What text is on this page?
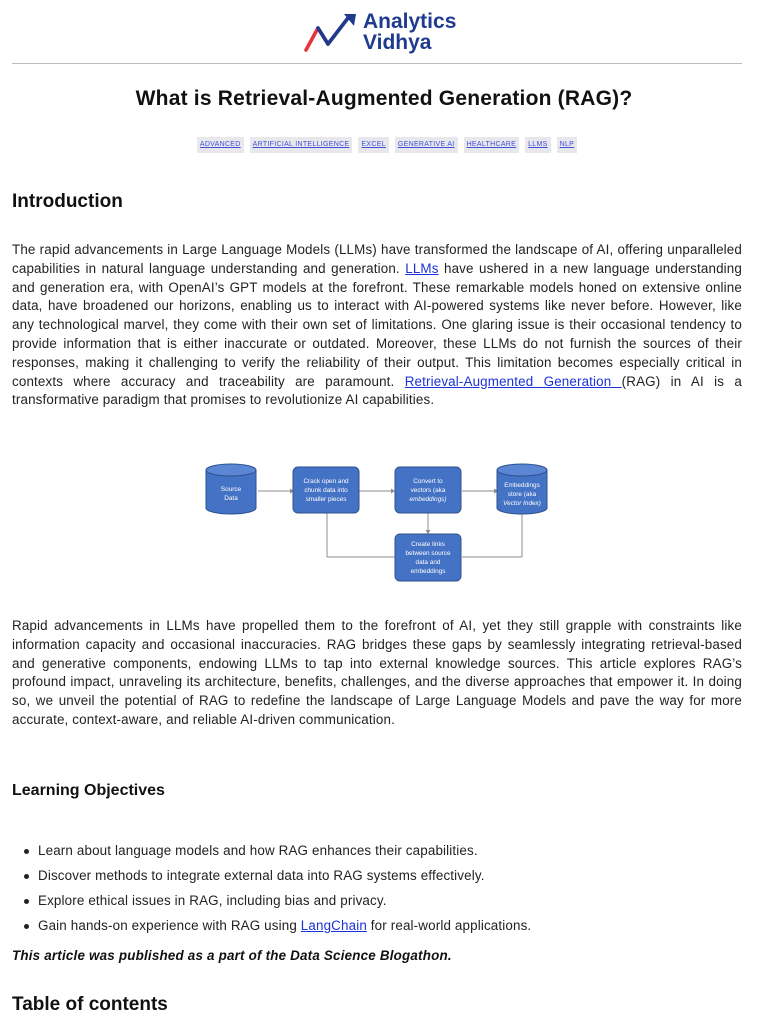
Analytics
Vidhya
What is Retrieval-Augmented Generation (RAG)?
ADVANCED	ARTIFICIAL INTELLIGENCE	EXCEL	GENERATIVE AI	HEALTHCARE	LLMS	NLP
Introduction

The rapid advancements in Large Language Models (LLMs) have transformed the landscape of AI, offering unparalleled capabilities in natural language understanding and generation. LLMs have ushered in a new language understanding and generation era, with OpenAI’s GPT models at the forefront. These remarkable models honed on extensive online data, have broadened our horizons, enabling us to interact with AI-powered systems like never before. However, like any technological marvel, they come with their own set of limitations. One glaring issue is their occasional tendency to provide information that is either inaccurate or outdated. Moreover, these LLMs do not furnish the sources of their responses, making it challenging to verify the reliability of their output. This limitation becomes especially critical in contexts where accuracy and traceability are paramount. Retrieval-Augmented Generation (RAG) in AI is a transformative paradigm that promises to revolutionize AI capabilities.

Source
Data
Crack open and
chunk data into
smaller pieces
Convert to
vectors (aka
embeddings)
Embeddings
store (aka
Vector Index)
Create links
between source
data and
embeddings

Rapid advancements in LLMs have propelled them to the forefront of AI, yet they still grapple with constraints like information capacity and occasional inaccuracies. RAG bridges these gaps by seamlessly integrating retrieval-based and generative components, endowing LLMs to tap into external knowledge sources. This article explores RAG’s profound impact, unraveling its architecture, benefits, challenges, and the diverse approaches that empower it. In doing so, we unveil the potential of RAG to redefine the landscape of Large Language Models and pave the way for more accurate, context-aware, and reliable AI-driven communication.

Learning Objectives
Learn about language models and how RAG enhances their capabilities.
Discover methods to integrate external data into RAG systems effectively.
Explore ethical issues in RAG, including bias and privacy.
Gain hands-on experience with RAG using LangChain for real-world applications.

This article was published as a part of the Data Science Blogathon.

Table of contents
